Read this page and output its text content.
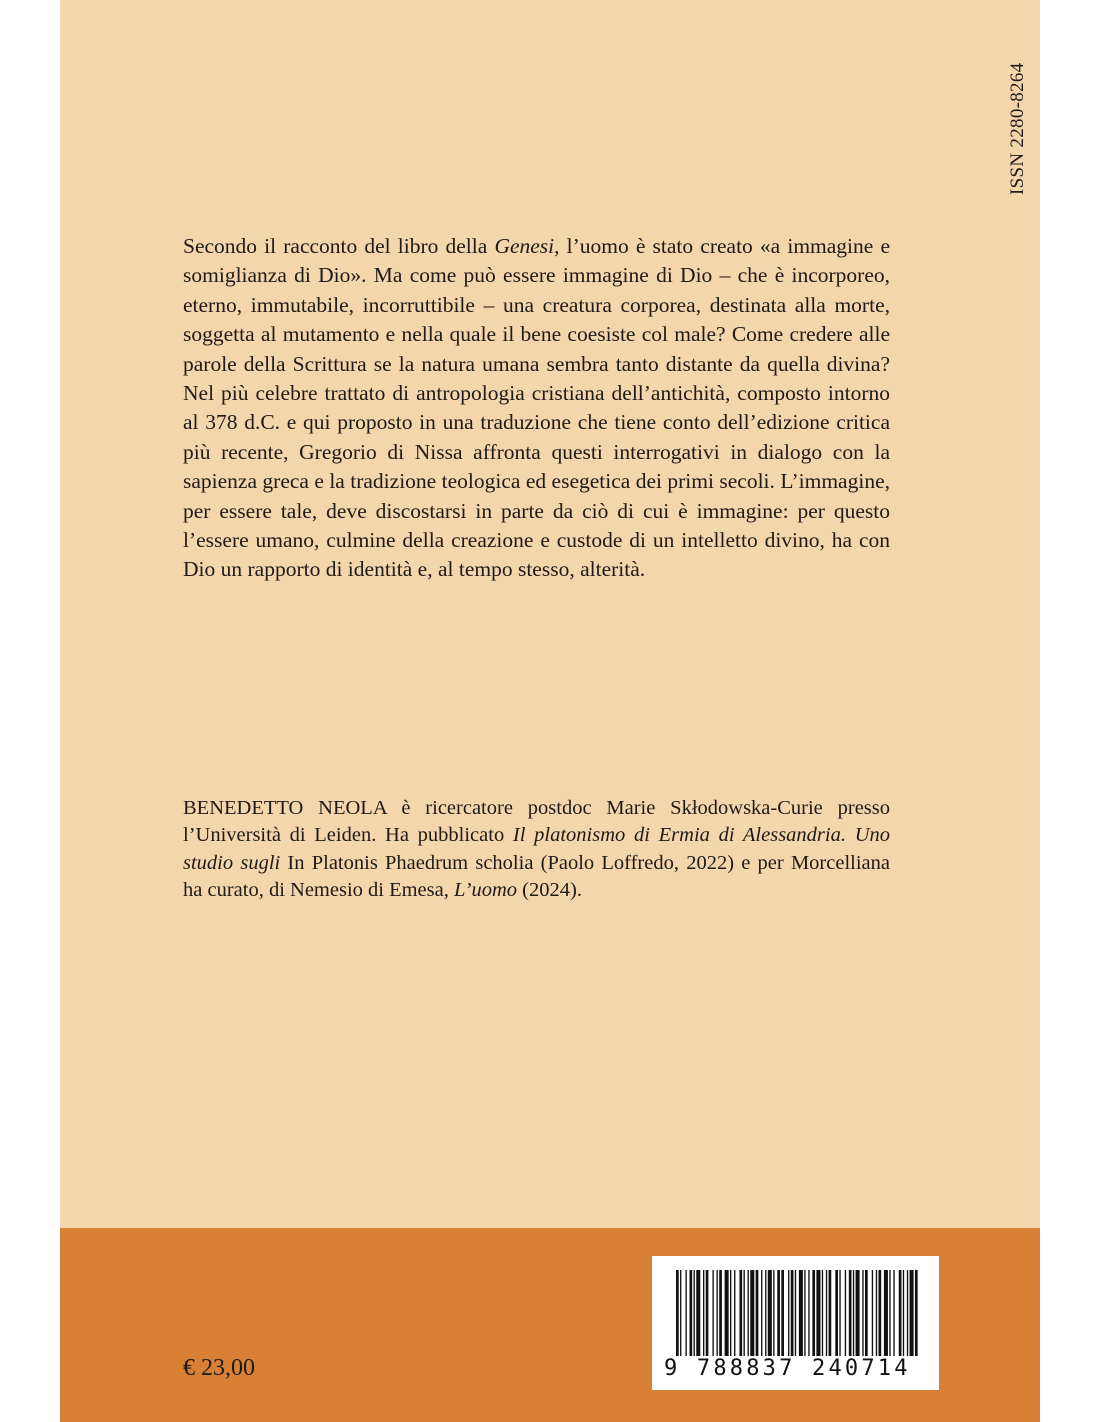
ISSN 2280-8264

Secondo il racconto del libro della Genesi, l’uomo è stato creato «a immagine e somiglianza di Dio». Ma come può essere immagine di Dio – che è incorporeo, eterno, immutabile, incorruttibile – una creatura corporea, destinata alla morte, soggetta al mutamento e nella quale il bene coesiste col male? Come credere alle parole della Scrittura se la natura umana sembra tanto distante da quella divina? Nel più celebre trattato di antropologia cristiana dell’antichità, composto intorno al 378 d.C. e qui proposto in una traduzione che tiene conto dell’edizione critica più recente, Gregorio di Nissa affronta questi interrogativi in dialogo con la sapienza greca e la tradizione teologica ed esegetica dei primi secoli. L’immagine, per essere tale, deve discostarsi in parte da ciò di cui è immagine: per questo l’essere umano, culmine della creazione e custode di un intelletto divino, ha con Dio un rapporto di identità e, al tempo stesso, alterità.

BENEDETTO NEOLA è ricercatore postdoc Marie Skłodowska-Curie presso l’Università di Leiden. Ha pubblicato Il platonismo di Ermia di Alessandria. Uno studio sugli In Platonis Phaedrum scholia (Paolo Loffredo, 2022) e per Morcelliana ha curato, di Nemesio di Emesa, L’uomo (2024).

€ 23,00	9 788837 240714
